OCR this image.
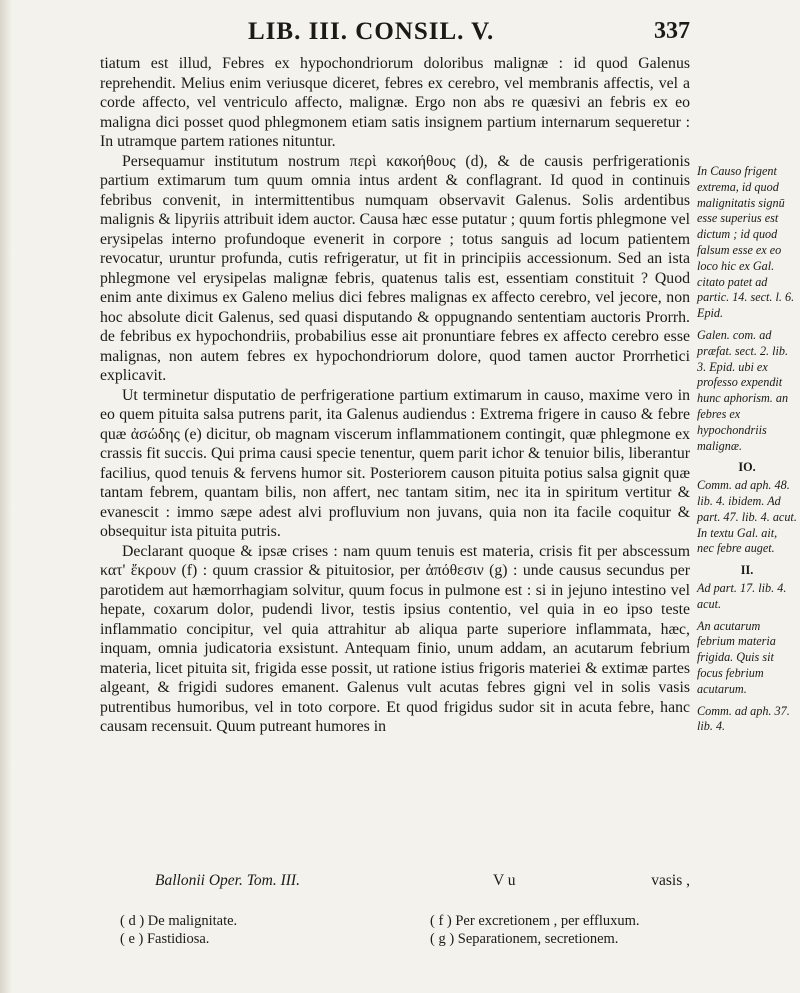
LIB. III. CONSIL. V.	337

tiatum est illud, Febres ex hypochondriorum doloribus malignæ : id quod Galenus reprehendit. Melius enim veriusque diceret, febres ex cerebro, vel membranis affectis, vel a corde affecto, vel ventriculo affecto, malignæ. Ergo non abs re quæsivi an febris ex eo maligna dici posset quod phlegmonem etiam satis insignem partium internarum sequeretur : In utramque partem rationes nituntur.

Persequamur institutum nostrum περὶ κακοήθους (d), & de causis perfrigerationis partium extimarum tum quum omnia intus ardent & conflagrant. Id quod in continuis febribus convenit, in intermittentibus numquam observavit Galenus. Solis ardentibus malignis & lipyriis attribuit idem auctor. Causa hæc esse putatur ; quum fortis phlegmone vel erysipelas interno profundoque evenerit in corpore ; totus sanguis ad locum patientem revocatur, uruntur profunda, cutis refrigeratur, ut fit in principiis accessionum. Sed an ista phlegmone vel erysipelas malignæ febris, quatenus talis est, essentiam constituit ? Quod enim ante diximus ex Galeno melius dici febres malignas ex affecto cerebro, vel jecore, non hoc absolute dicit Galenus, sed quasi disputando & oppugnando sententiam auctoris Prorrh. de febribus ex hypochondriis, probabilius esse ait pronuntiare febres ex affecto cerebro esse malignas, non autem febres ex hypochondriorum dolore, quod tamen auctor Prorrhetici explicavit.

Ut terminetur disputatio de perfrigeratione partium extimarum in causo, maxime vero in eo quem pituita salsa putrens parit, ita Galenus audiendus : Extrema frigere in causo & febre quæ ἀσώδης (e) dicitur, ob magnam viscerum inflammationem contingit, quæ phlegmone ex crassis fit succis. Qui prima causi specie tenentur, quem parit ichor & tenuior bilis, liberantur facilius, quod tenuis & fervens humor sit. Posteriorem causon pituita potius salsa gignit quæ tantam febrem, quantam bilis, non affert, nec tantam sitim, nec ita in spiritum vertitur & evanescit : immo sæpe adest alvi profluvium non juvans, quia non ita facile coquitur & obsequitur ista pituita putris.

Declarant quoque & ipsæ crises : nam quum tenuis est materia, crisis fit per abscessum κατ' ἔκρουν (f) : quum crassior & pituitosior, per ἀπόθεσιν (g) : unde causus secundus per parotidem aut hæmorrhagiam solvitur, quum focus in pulmone est : si in jejuno intestino vel hepate, coxarum dolor, pudendi livor, testis ipsius contentio, vel quia in eo ipso teste inflammatio concipitur, vel quia attrahitur ab aliqua parte superiore inflammata, hæc, inquam, omnia judicatoria exsistunt. Antequam finio, unum addam, an acutarum febrium materia, licet pituita sit, frigida esse possit, ut ratione istius frigoris materiei & extimæ partes algeant, & frigidi sudores emanent. Galenus vult acutas febres gigni vel in solis vasis putrentibus humoribus, vel in toto corpore. Et quod frigidus sudor sit in acuta febre, hanc causam recensuit. Quum putreant humores in

Ballonii Oper. Tom. III.	V u	vasis ,
( d ) De malignitate.
( e ) Fastidiosa.
( f ) Per excretionem , per effluxum.
( g ) Separationem, secretionem.
In Causo frigent extrema, id quod malignitatis signū esse superius est dictum ; id quod falsum esse ex eo loco hic ex Gal. citato patet ad partic. 14. sect. l. 6. Epid.
Galen. com. ad præfat. sect. 2. lib. 3. Epid. ubi ex professo expendit hunc aphorism. an febres ex hypochondriis malignæ.
IO.
Comm. ad aph. 48. lib. 4. ibidem. Ad part. 47. lib. 4. acut. In textu Gal. ait, nec febre auget.
II.
Ad part. 17. lib. 4. acut.
An acutarum febrium materia frigida. Quis sit focus febrium acutarum.
Comm. ad aph. 37. lib. 4.
